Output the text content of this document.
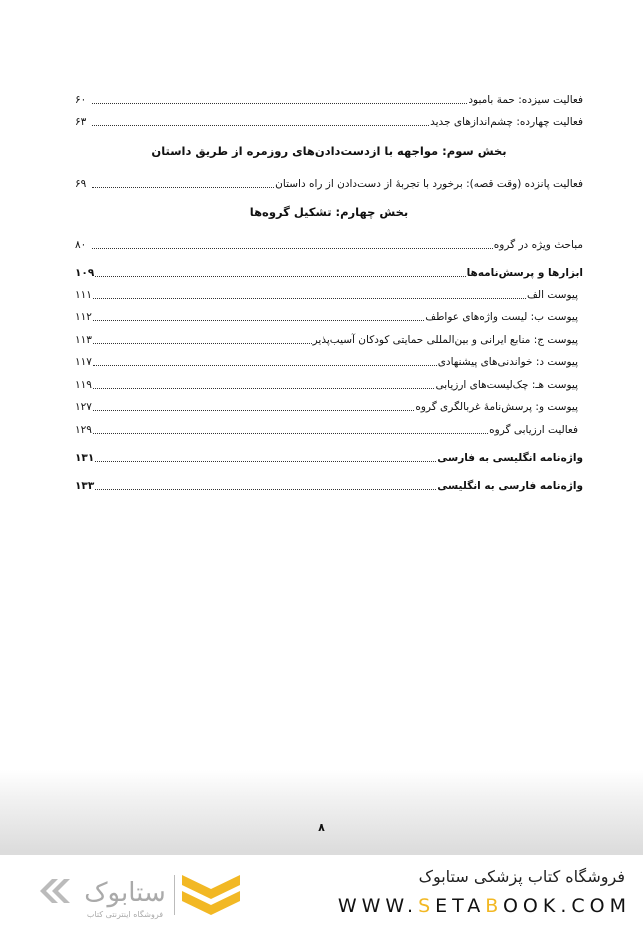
فعالیت سیزده: حمة بامبود
۶۰
فعالیت چهارده: چشم‌اندازهای جدید
۶۳
بخش سوم: مواجهه با ازدست‌دادن‌های روزمره از طریق داستان
فعالیت پانزده (وقت قصه): برخورد با تجربهٔ از دست‌دادن از راه داستان
۶۹
بخش چهارم: تشکیل گروه‌ها
مباحث ویژه در گروه
۸۰
ابزارها و پرسش‌نامه‌ها
۱۰۹
پیوست الف
۱۱۱
پیوست ب: لیست واژه‌های عواطف
۱۱۲
پیوست ج: منابع ایرانی و بین‌المللی حمایتی کودکان آسیب‌پذیر
۱۱۳
پیوست د: خواندنی‌های پیشنهادی
۱۱۷
پیوست هـ: چک‌لیست‌های ارزیابی
۱۱۹
پیوست و: پرسش‌نامهٔ غربالگری گروه
۱۲۷
فعالیت ارزیابی گروه
۱۲۹
واژه‌نامه انگلیسی به فارسی
۱۳۱
واژه‌نامه فارسی به انگلیسی
۱۳۳
۸
ستابوک
فروشگاه اینترنتی کتاب
فروشگاه کتاب پزشکی ستابوک
WWW.SETABOOK.COM
